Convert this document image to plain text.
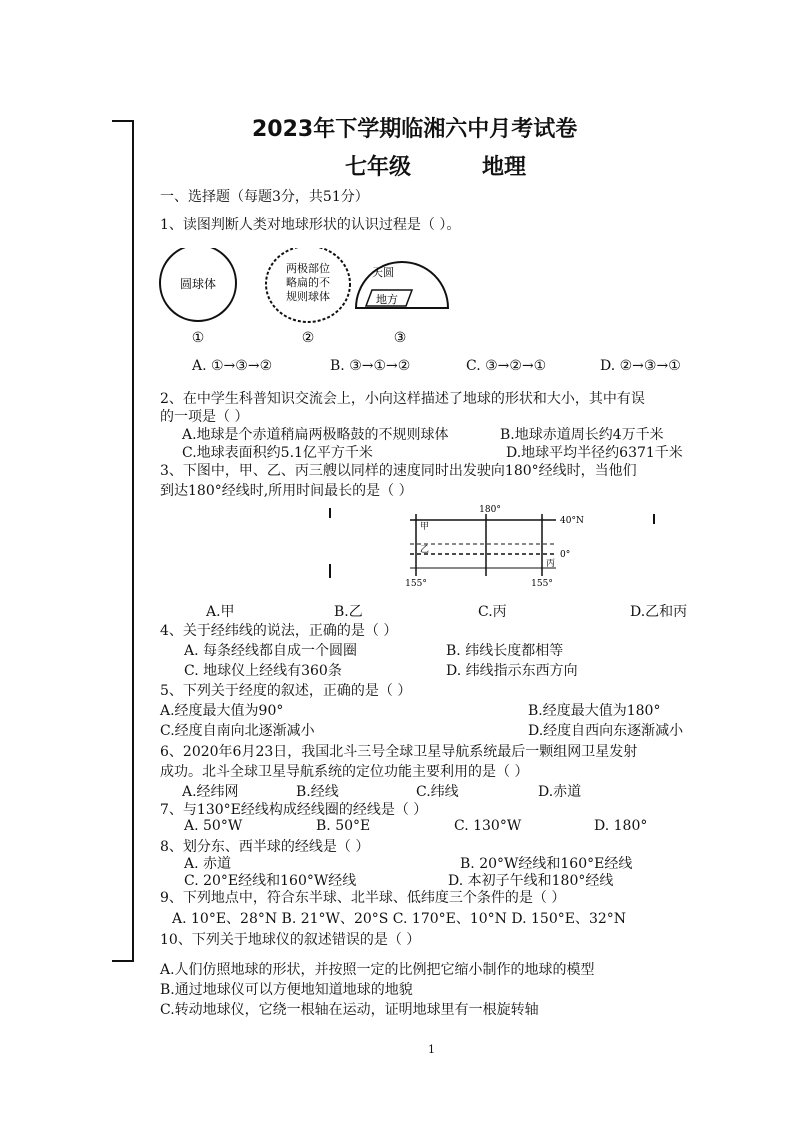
2023年下学期临湘六中月考试卷
七年级	地理
一、选择题（每题3分，共51分）
1、读图判断人类对地球形状的认识过程是（ ）。
圆球体
两极部位
略扁的不
规则球体
天圆
地方
①	②	③
A. ①→③→②	B. ③→①→②	C. ③→②→①	D. ②→③→①
2、在中学生科普知识交流会上，小向这样描述了地球的形状和大小，其中有误
的一项是（ ）
A.地球是个赤道稍扁两极略鼓的不规则球体	B.地球赤道周长约4万千米
C.地球表面积约5.1亿平方千米	D.地球平均半径约6371千米
3、下图中，甲、乙、丙三艘以同样的速度同时出发驶向180°经线时，当他们
到达180°经线时,所用时间最长的是（ ）
180°
40°N
0°
甲
乙
丙
155°	155°
A.甲	B.乙	C.丙	D.乙和丙
4、关于经纬线的说法，正确的是（ ）
A. 每条经线都自成一个圆圈	B. 纬线长度都相等
C. 地球仪上经线有360条	D. 纬线指示东西方向
5、下列关于经度的叙述，正确的是（ ）
A.经度最大值为90°	B.经度最大值为180°
C.经度自南向北逐渐减小	D.经度自西向东逐渐减小
6、2020年6月23日，我国北斗三号全球卫星导航系统最后一颗组网卫星发射
成功。北斗全球卫星导航系统的定位功能主要利用的是（ ）
A.经纬网	B.经线	C.纬线	D.赤道
7、与130°E经线构成经线圈的经线是（ ）
A. 50°W	B. 50°E	C. 130°W	D. 180°
8、划分东、西半球的经线是（ ）
A. 赤道	B. 20°W经线和160°E经线
C. 20°E经线和160°W经线	D. 本初子午线和180°经线
9、下列地点中，符合东半球、北半球、低纬度三个条件的是（ ）
A. 10°E、28°N B. 21°W、20°S C. 170°E、10°N D. 150°E、32°N
10、下列关于地球仪的叙述错误的是（ ）
A.人们仿照地球的形状，并按照一定的比例把它缩小制作的地球的模型
B.通过地球仪可以方便地知道地球的地貌
C.转动地球仪，它绕一根轴在运动，证明地球里有一根旋转轴
1
